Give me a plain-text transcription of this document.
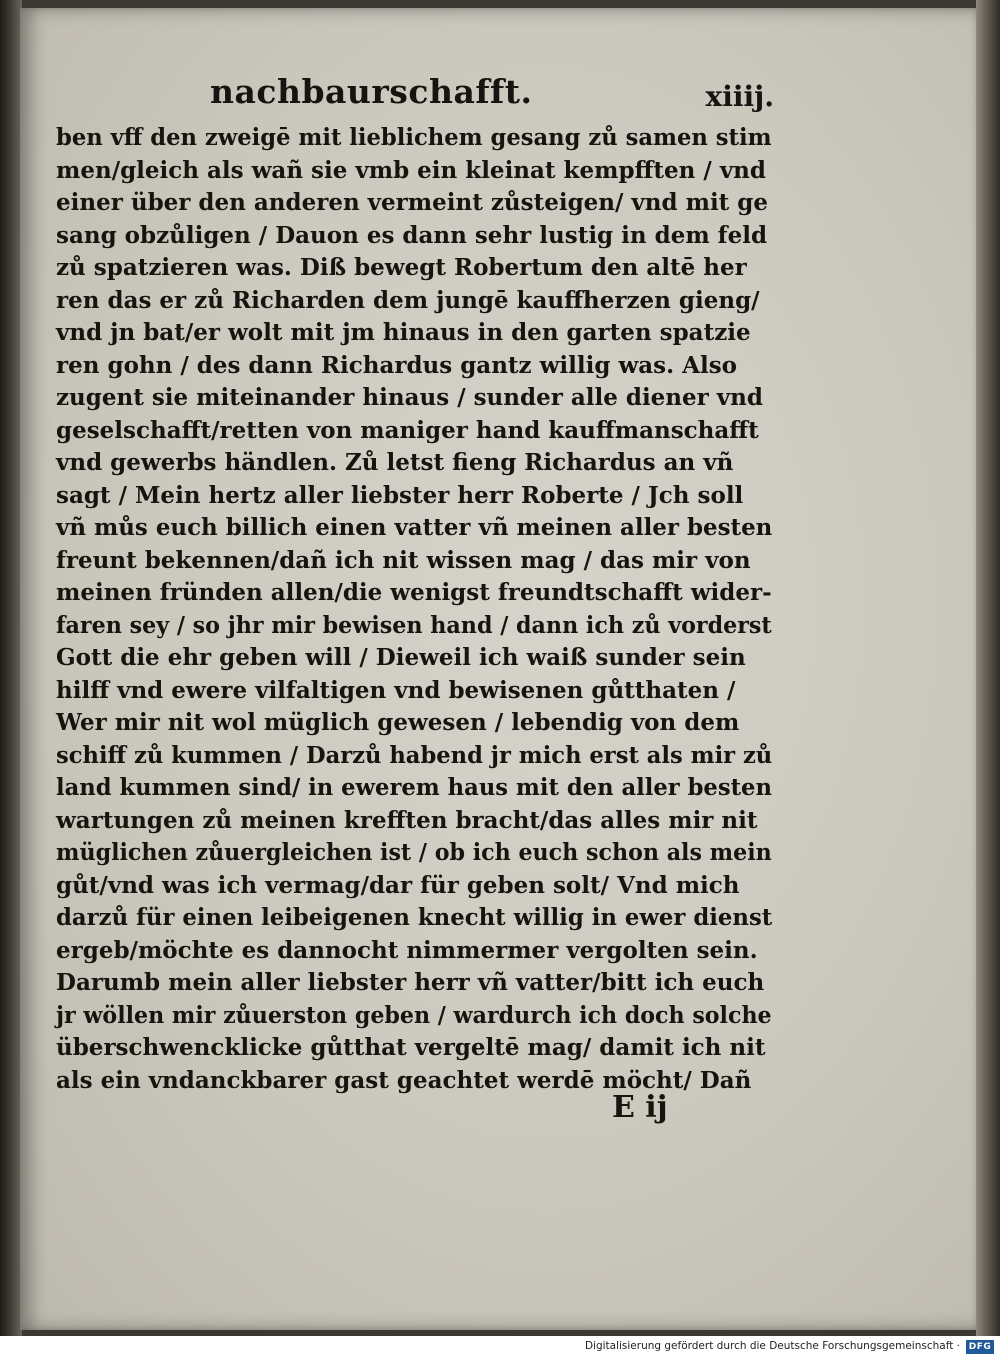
nachbaurschafft.	xiiij.
ben vff den zweigē mit lieblichem gesang zů samen stim
men/gleich als wañ sie vmb ein kleinat kempfften / vnd
einer über den anderen vermeint zůsteigen/ vnd mit ge
sang obzůligen / Dauon es dann sehr lustig in dem feld
zů spatzieren was. Diß bewegt Robertum den altē her
ren das er zů Richarden dem jungē kauffherzen gieng/
vnd jn bat/er wolt mit jm hinaus in den garten spatzie
ren gohn / des dann Richardus gantz willig was. Also
zugent sie miteinander hinaus / sunder alle diener vnd
geselschafft/retten von maniger hand kauffmanschafft
vnd gewerbs händlen. Zů letst fieng Richardus an vñ
sagt / Mein hertz aller liebster herr Roberte / Jch soll
vñ můs euch billich einen vatter vñ meinen aller besten
freunt bekennen/dañ ich nit wissen mag / das mir von
meinen fründen allen/die wenigst freundtschafft wider-
faren sey / so jhr mir bewisen hand / dann ich zů vorderst
Gott die ehr geben will / Dieweil ich waiß sunder sein
hilff vnd ewere vilfaltigen vnd bewisenen gůtthaten /
Wer mir nit wol müglich gewesen / lebendig von dem
schiff zů kummen / Darzů habend jr mich erst als mir zů
land kummen sind/ in ewerem haus mit den aller besten
wartungen zů meinen krefften bracht/das alles mir nit
müglichen zůuergleichen ist / ob ich euch schon als mein
gůt/vnd was ich vermag/dar für geben solt/ Vnd mich
darzů für einen leibeigenen knecht willig in ewer dienst
ergeb/möchte es dannocht nimmermer vergolten sein.
Darumb mein aller liebster herr vñ vatter/bitt ich euch
jr wöllen mir zůuerston geben / wardurch ich doch solche
überschwencklicke gůtthat vergeltē mag/ damit ich nit
als ein vndanckbarer gast geachtet werdē möcht/ Dañ
E ij
Digitalisierung gefördert durch die Deutsche Forschungsgemeinschaft · DFG
